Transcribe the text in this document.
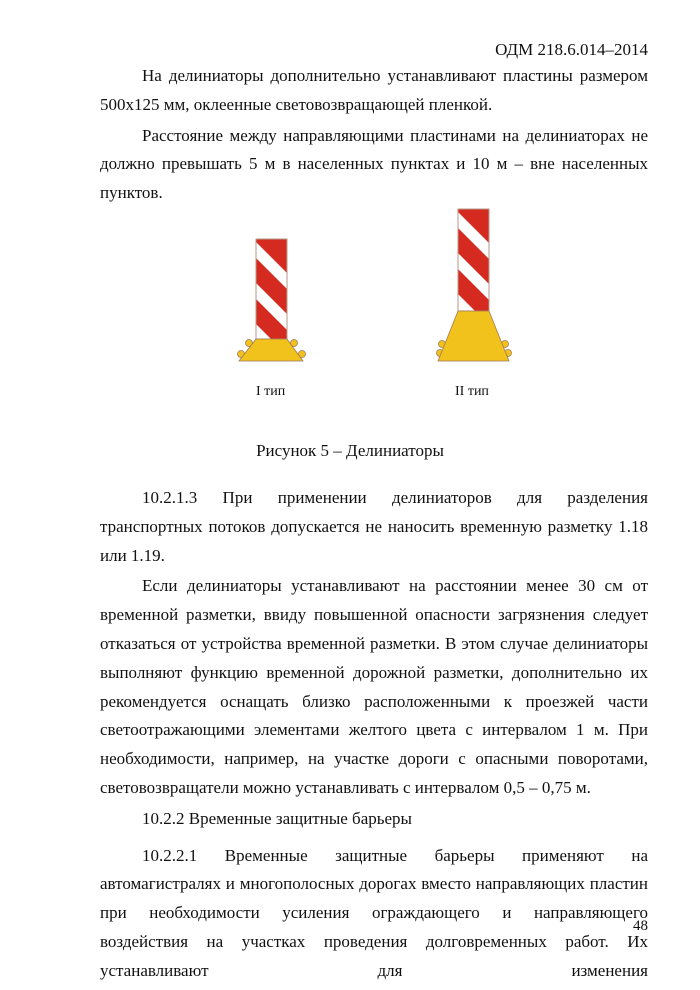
ОДМ 218.6.014–2014

На делиниаторы дополнительно устанавливают пластины размером 500х125 мм, оклеенные световозвращающей пленкой.

Расстояние между направляющими пластинами на делиниаторах не должно превышать 5 м в населенных пунктах и 10 м – вне населенных пунктов.

I тип	II тип
Рисунок 5 – Делиниаторы

10.2.1.3 При применении делиниаторов для разделения транспортных потоков допускается не наносить временную разметку 1.18 или 1.19.

Если делиниаторы устанавливают на расстоянии менее 30 см от временной разметки, ввиду повышенной опасности загрязнения следует отказаться от устройства временной разметки. В этом случае делиниаторы выполняют функцию временной дорожной разметки, дополнительно их рекомендуется оснащать близко расположенными к проезжей части светоотражающими элементами желтого цвета с интервалом 1 м. При необходимости, например, на участке дороги с опасными поворотами, световозвращатели можно устанавливать с интервалом 0,5 – 0,75 м.

10.2.2 Временные защитные барьеры

10.2.2.1 Временные защитные барьеры применяют на автомагистралях и многополосных дорогах вместо направляющих пластин при необходимости усиления ограждающего и направляющего воздействия на участках проведения долговременных работ. Их устанавливают для изменения

48
